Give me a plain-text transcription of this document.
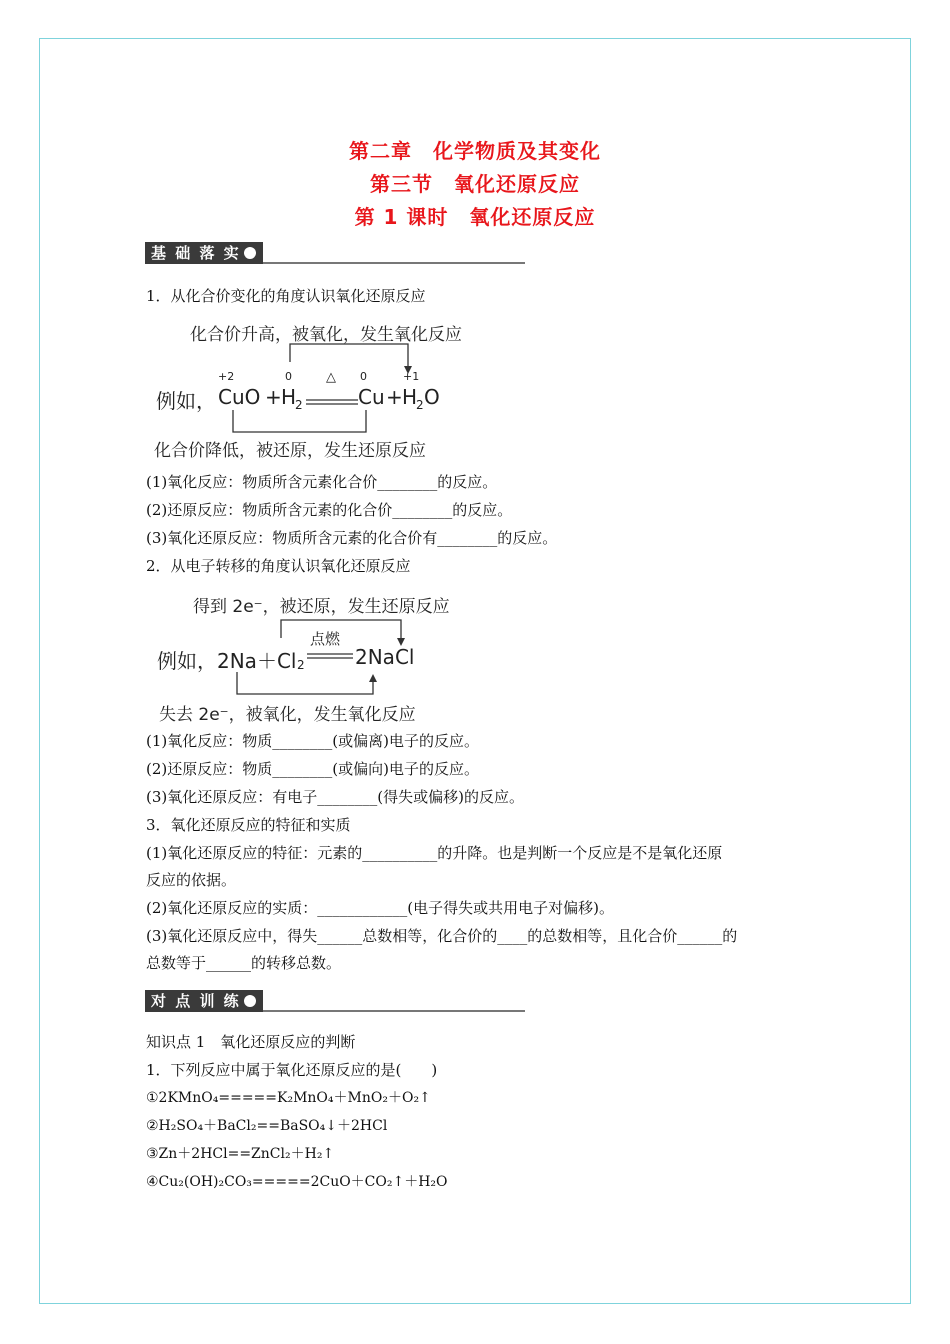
第二章　化学物质及其变化
第三节　氧化还原反应
第 1 课时　氧化还原反应
基 础 落 实
1．从化合价变化的角度认识氧化还原反应
化合价升高，被氧化，发生氧化反应
+2	0	△ 0	+1
例如， CuO + H
2	Cu + H
2 O
化合价降低，被还原，发生还原反应
(1)氧化反应：物质所含元素化合价________的反应。
(2)还原反应：物质所含元素的化合价________的反应。
(3)氧化还原反应：物质所含元素的化合价有________的反应。
2．从电子转移的角度认识氧化还原反应
得到 2e⁻，被还原，发生还原反应
点燃
例如， 2Na＋Cl 2	2NaCl
失去 2e⁻，被氧化，发生氧化反应
(1)氧化反应：物质________(或偏离)电子的反应。
(2)还原反应：物质________(或偏向)电子的反应。
(3)氧化还原反应：有电子________(得失或偏移)的反应。
3．氧化还原反应的特征和实质
(1)氧化还原反应的特征：元素的__________的升降。也是判断一个反应是不是氧化还原
反应的依据。
(2)氧化还原反应的实质：____________(电子得失或共用电子对偏移)。
(3)氧化还原反应中，得失______总数相等，化合价的____的总数相等，且化合价______的
总数等于______的转移总数。
对 点 训 练
知识点 1　氧化还原反应的判断
1．下列反应中属于氧化还原反应的是(　　)
①2KMnO₄=====K₂MnO₄＋MnO₂＋O₂↑
②H₂SO₄＋BaCl₂==BaSO₄↓＋2HCl
③Zn＋2HCl==ZnCl₂＋H₂↑
④Cu₂(OH)₂CO₃=====2CuO＋CO₂↑＋H₂O
